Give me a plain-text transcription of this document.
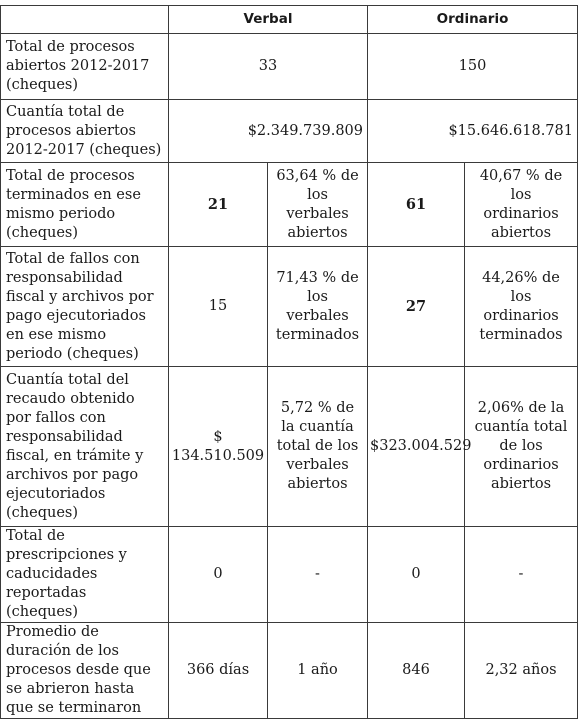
	Verbal		Ordinario	
Total de procesos abiertos 2012-2017 (cheques)	33		150	
Cuantía total de procesos abiertos 2012-2017 (cheques)	$2.349.739.809		$15.646.618.781	
Total de procesos terminados en ese mismo periodo (cheques)	21	63,64 % de los verbales abiertos	61	40,67 % de los ordinarios abiertos
Total de fallos con responsabilidad fiscal y archivos por pago ejecutoriados en ese mismo periodo (cheques)	15	71,43 % de los verbales terminados	27	44,26% de los ordinarios terminados
Cuantía total del recaudo obtenido por fallos con responsabilidad fiscal, en trámite y archivos por pago ejecutoriados (cheques)	$ 134.510.509	5,72 % de la cuantía total de los verbales abiertos	$323.004.529	2,06% de la cuantía total de los ordinarios abiertos
Total de prescripciones y caducidades reportadas (cheques)	0	-	0	-
Promedio de duración de los procesos desde que se abrieron hasta que se terminaron	366 días	1 año	846	2,32 años
